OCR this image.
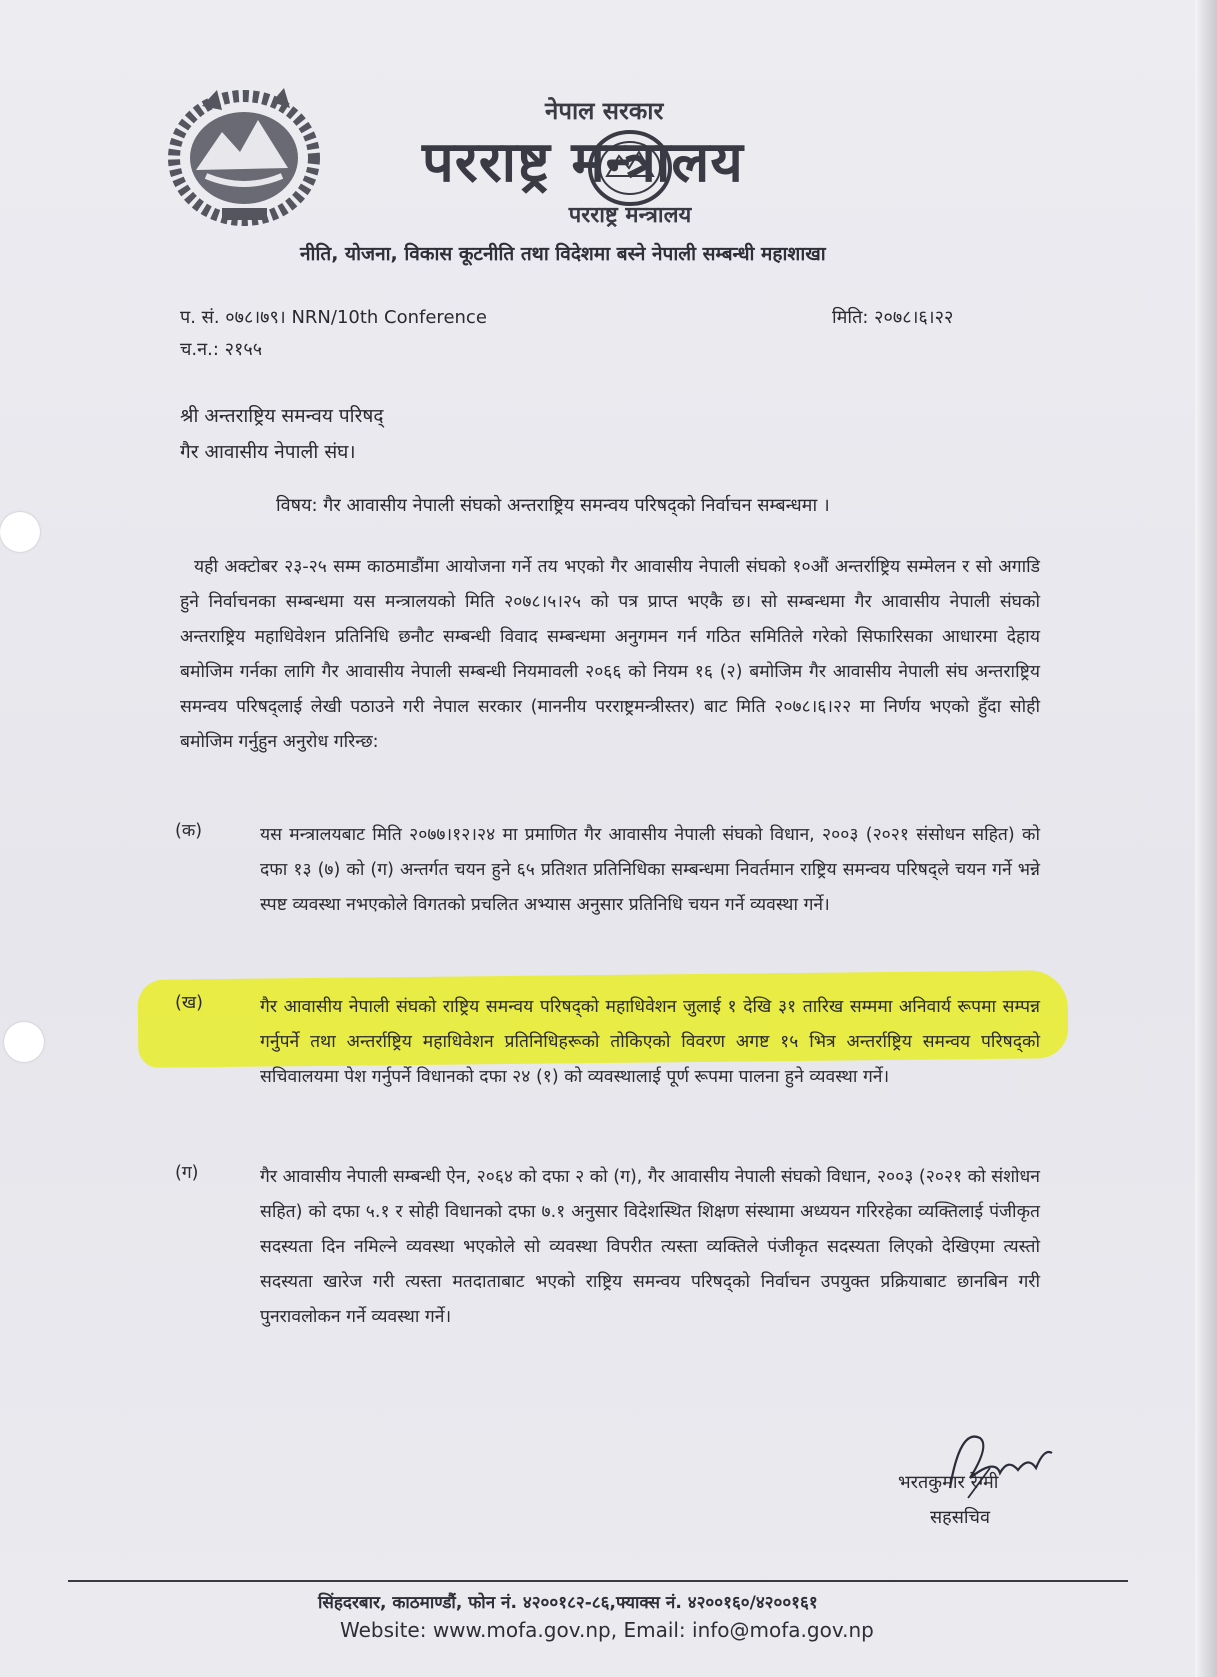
नेपाल सरकार
परराष्ट्र मन्त्रालय
परराष्ट्र मन्त्रालय
नीति, योजना, विकास कूटनीति तथा विदेशमा बस्ने नेपाली सम्बन्धी महाशाखा
प. सं. ०७८।७९। NRN/10th Conference
च.न.: २१५५
मिति: २०७८।६।२२
श्री अन्तराष्ट्रिय समन्वय परिषद्
गैर आवासीय नेपाली संघ।
विषय: गैर आवासीय नेपाली संघको अन्तराष्ट्रिय समन्वय परिषद्को निर्वाचन सम्बन्धमा ।
यही अक्टोबर २३-२५ सम्म काठमाडौंमा आयोजना गर्ने तय भएको गैर आवासीय नेपाली संघको १०औं अन्तर्राष्ट्रिय सम्मेलन र सो अगाडि हुने निर्वाचनका सम्बन्धमा यस मन्त्रालयको मिति २०७८।५।२५ को पत्र प्राप्त भएकै छ। सो सम्बन्धमा गैर आवासीय नेपाली संघको अन्तराष्ट्रिय महाधिवेशन प्रतिनिधि छनौट सम्बन्धी विवाद सम्बन्धमा अनुगमन गर्न गठित समितिले गरेको सिफारिसका आधारमा देहाय बमोजिम गर्नका लागि गैर आवासीय नेपाली सम्बन्धी नियमावली २०६६ को नियम १६ (२) बमोजिम गैर आवासीय नेपाली संघ अन्तराष्ट्रिय समन्वय परिषद्लाई लेखी पठाउने गरी नेपाल सरकार (माननीय परराष्ट्रमन्त्रीस्तर) बाट मिति २०७८।६।२२ मा निर्णय भएको हुँदा सोही बमोजिम गर्नुहुन अनुरोध गरिन्छ:
(क)	यस मन्त्रालयबाट मिति २०७७।१२।२४ मा प्रमाणित गैर आवासीय नेपाली संघको विधान, २००३ (२०२१ संसोधन सहित) को दफा १३ (७) को (ग) अन्तर्गत चयन हुने ६५ प्रतिशत प्रतिनिधिका सम्बन्धमा निवर्तमान राष्ट्रिय समन्वय परिषद्ले चयन गर्ने भन्ने स्पष्ट व्यवस्था नभएकोले विगतको प्रचलित अभ्यास अनुसार प्रतिनिधि चयन गर्ने व्यवस्था गर्ने।
(ख)	गैर आवासीय नेपाली संघको राष्ट्रिय समन्वय परिषद्को महाधिवेशन जुलाई १ देखि ३१ तारिख सम्ममा अनिवार्य रूपमा सम्पन्न गर्नुपर्ने तथा अन्तर्राष्ट्रिय महाधिवेशन प्रतिनिधिहरूको तोकिएको विवरण अगष्ट १५ भित्र अन्तर्राष्ट्रिय समन्वय परिषद्को सचिवालयमा पेश गर्नुपर्ने विधानको दफा २४ (१) को व्यवस्थालाई पूर्ण रूपमा पालना हुने व्यवस्था गर्ने।
(ग)	गैर आवासीय नेपाली सम्बन्धी ऐन, २०६४ को दफा २ को (ग), गैर आवासीय नेपाली संघको विधान, २००३ (२०२१ को संशोधन सहित) को दफा ५.१ र सोही विधानको दफा ७.१ अनुसार विदेशस्थित शिक्षण संस्थामा अध्ययन गरिरहेका व्यक्तिलाई पंजीकृत सदस्यता दिन नमिल्ने व्यवस्था भएकोले सो व्यवस्था विपरीत त्यस्ता व्यक्तिले पंजीकृत सदस्यता लिएको देखिएमा त्यस्तो सदस्यता खारेज गरी त्यस्ता मतदाताबाट भएको राष्ट्रिय समन्वय परिषद्को निर्वाचन उपयुक्त प्रक्रियाबाट छानबिन गरी पुनरावलोकन गर्ने व्यवस्था गर्ने।
भरतकुमार रेग्मी
सहसचिव
सिंहदरबार, काठमाण्डौं, फोन नं. ४२००१८२-८६,फ्याक्स नं. ४२००१६०/४२००१६१
Website: www.mofa.gov.np, Email: info@mofa.gov.np
